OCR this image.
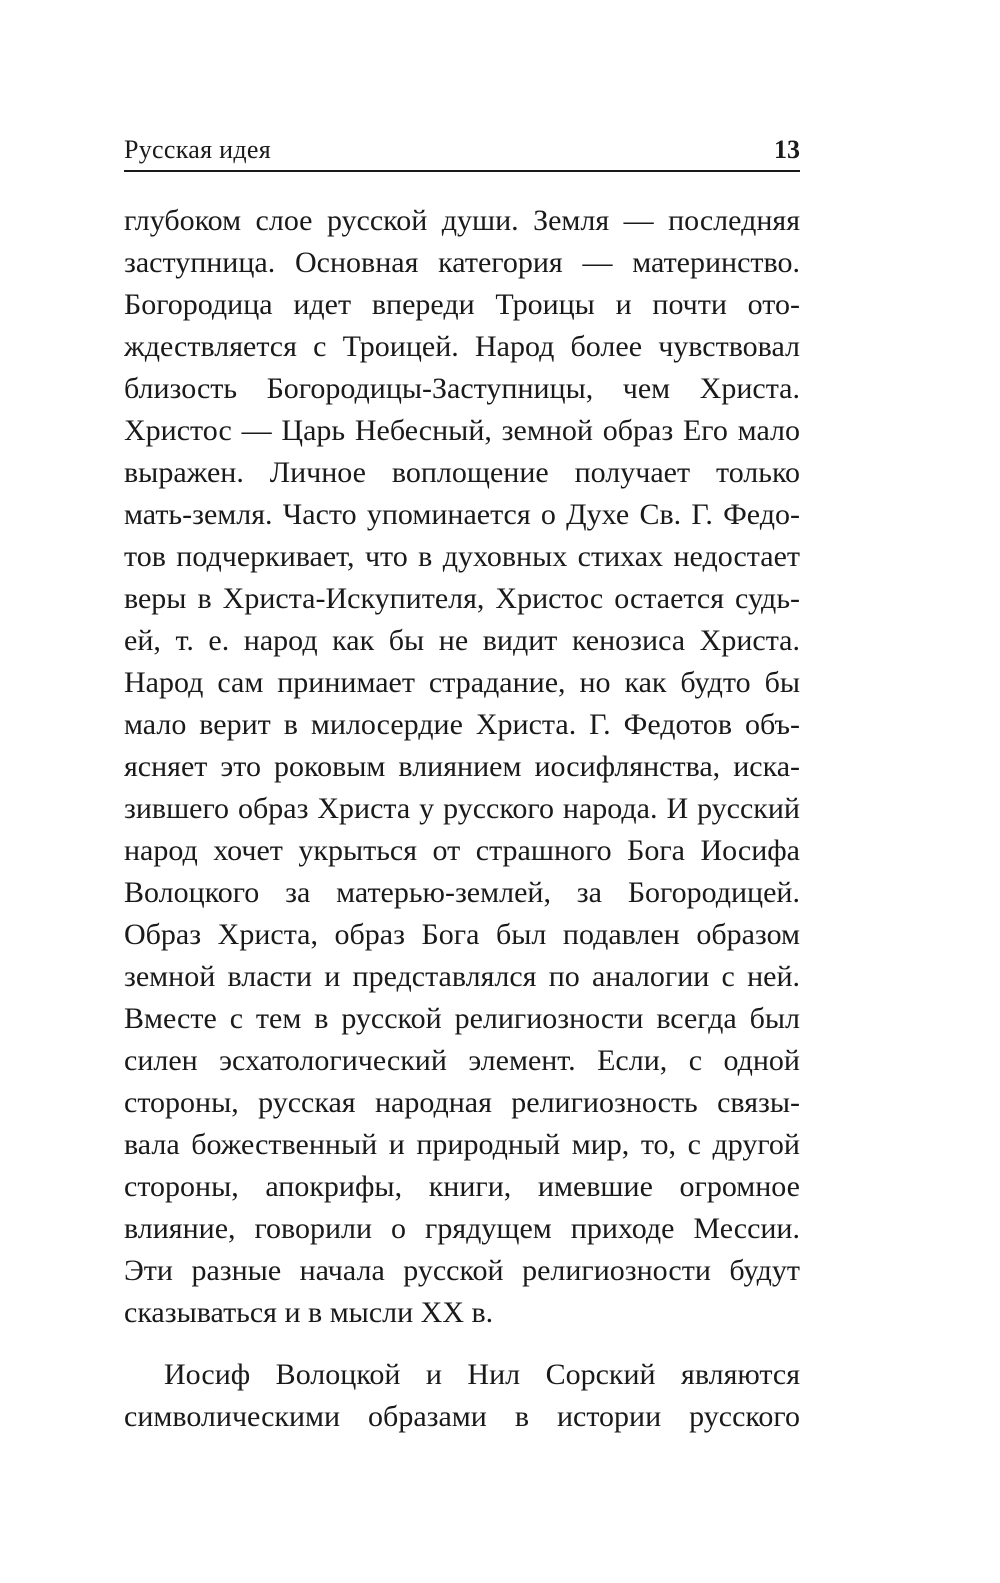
Русская идея	13
глубоком слое русской души. Земля — последняя
заступница. Основная категория — материнство.
Богородица идет впереди Троицы и почти ото-
ждествляется с Троицей. Народ более чувствовал
близость Богородицы-Заступницы, чем Христа.
Христос — Царь Небесный, земной образ Его мало
выражен. Личное воплощение получает только
мать-земля. Часто упоминается о Духе Св. Г. Федо-
тов подчеркивает, что в духовных стихах недостает
веры в Христа-Искупителя, Христос остается судь-
ей, т. е. народ как бы не видит кенозиса Христа.
Народ сам принимает страдание, но как будто бы
мало верит в милосердие Христа. Г. Федотов объ-
ясняет это роковым влиянием иосифлянства, иска-
зившего образ Христа у русского народа. И русский
народ хочет укрыться от страшного Бога Иосифа
Волоцкого за матерью-землей, за Богородицей.
Образ Христа, образ Бога был подавлен образом
земной власти и представлялся по аналогии с ней.
Вместе с тем в русской религиозности всегда был
силен эсхатологический элемент. Если, с одной
стороны, русская народная религиозность связы-
вала божественный и природный мир, то, с другой
стороны, апокрифы, книги, имевшие огромное
влияние, говорили о грядущем приходе Мессии.
Эти разные начала русской религиозности будут
сказываться и в мысли XX в.
Иосиф Волоцкой и Нил Сорский являются
символическими образами в истории русского
